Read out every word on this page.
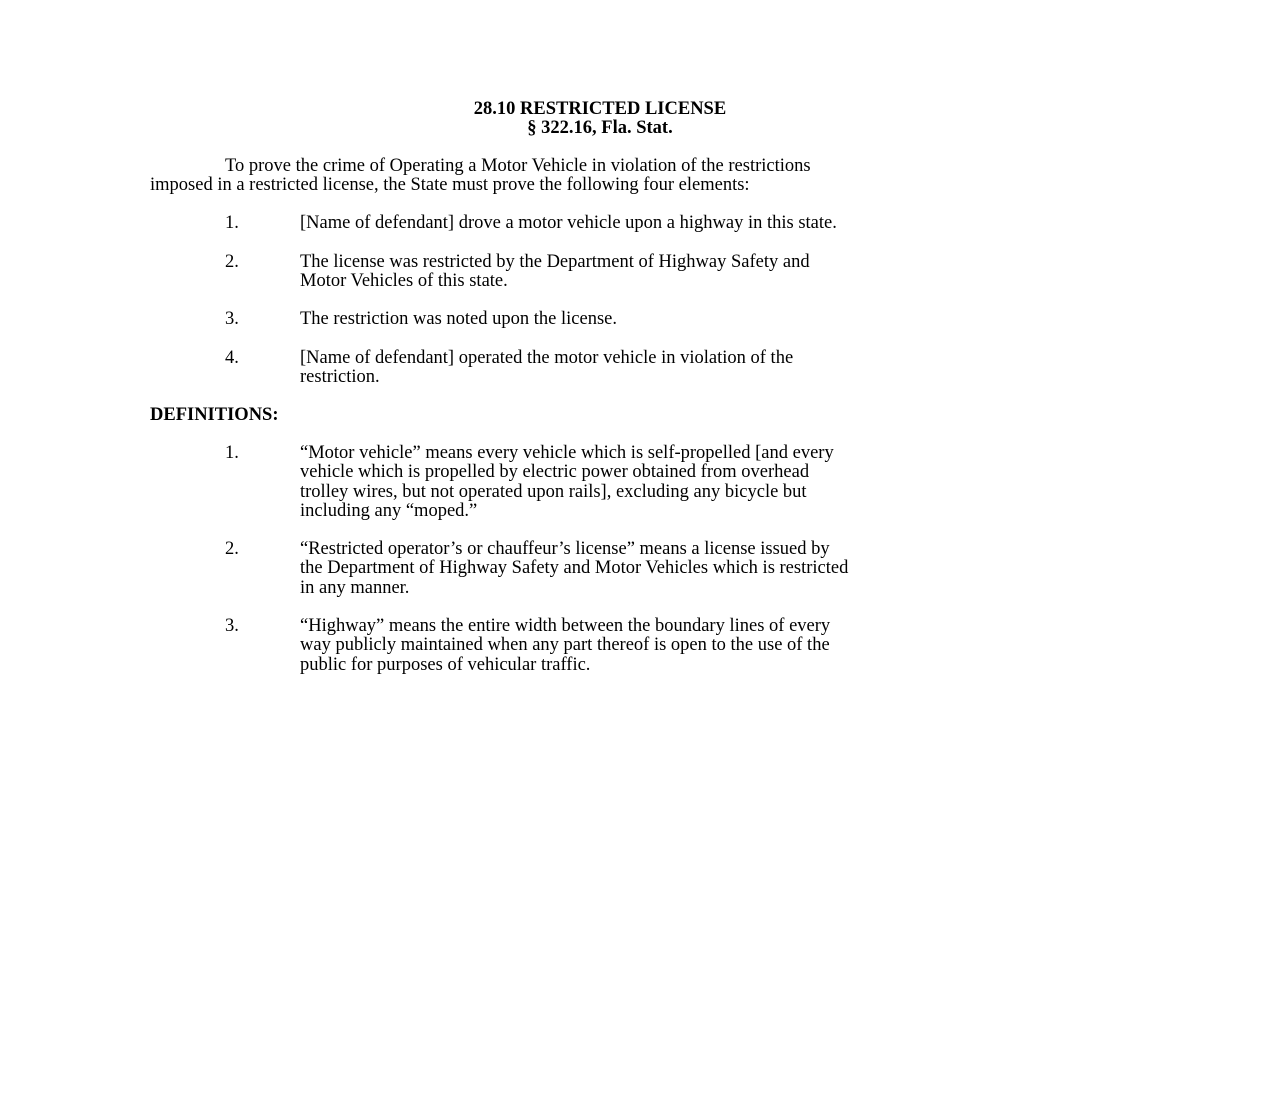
28.10 RESTRICTED LICENSE
§ 322.16, Fla. Stat.
To prove the crime of Operating a Motor Vehicle in violation of the restrictions
imposed in a restricted license, the State must prove the following four elements:
1.	[Name of defendant] drove a motor vehicle upon a highway in this state.
2.	The license was restricted by the Department of Highway Safety and
Motor Vehicles of this state.
3.	The restriction was noted upon the license.
4.	[Name of defendant] operated the motor vehicle in violation of the
restriction.
DEFINITIONS:
1.	“Motor vehicle” means every vehicle which is self-propelled [and every
vehicle which is propelled by electric power obtained from overhead
trolley wires, but not operated upon rails], excluding any bicycle but
including any “moped.”
2.	“Restricted operator’s or chauffeur’s license” means a license issued by
the Department of Highway Safety and Motor Vehicles which is restricted
in any manner.
3.	“Highway” means the entire width between the boundary lines of every
way publicly maintained when any part thereof is open to the use of the
public for purposes of vehicular traffic.
